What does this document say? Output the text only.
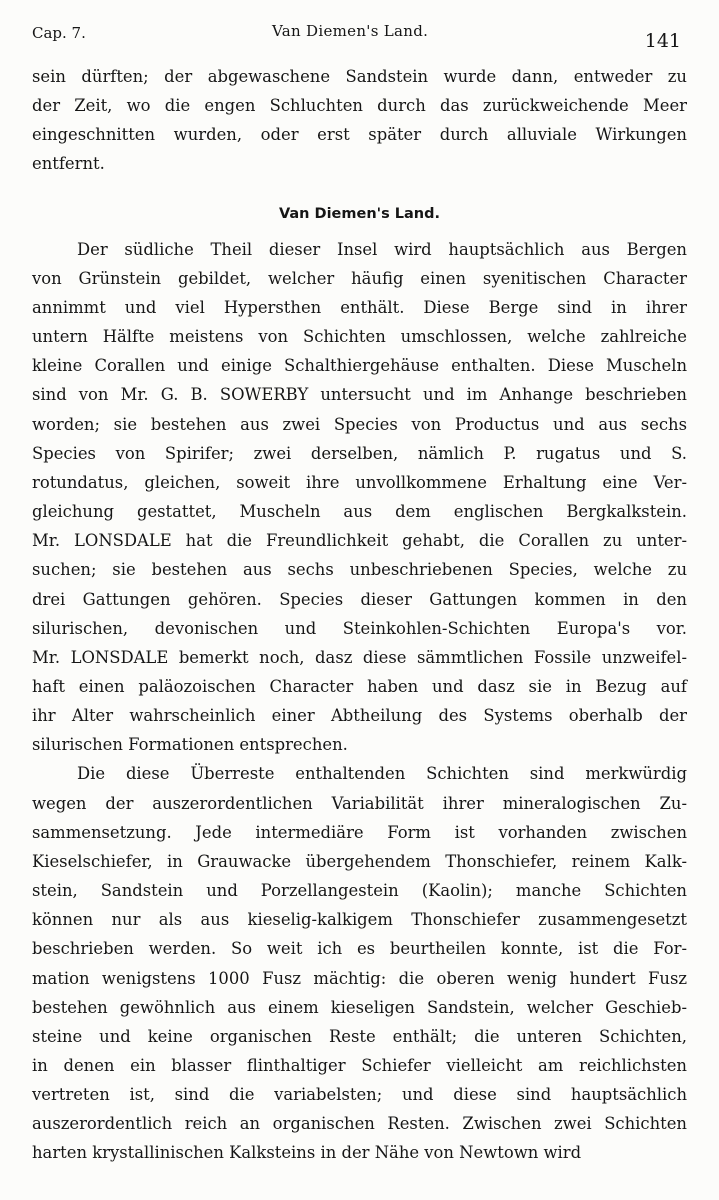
Cap. 7.	Van Diemen's Land.	141
sein dürften; der abgewaschene Sandstein wurde dann, entweder zu
der Zeit, wo die engen Schluchten durch das zurückweichende Meer
eingeschnitten wurden, oder erst später durch alluviale Wirkungen
entfernt.
Van Diemen's Land.
Der südliche Theil dieser Insel wird hauptsächlich aus Bergen
von Grünstein gebildet, welcher häufig einen syenitischen Character
annimmt und viel Hypersthen enthält. Diese Berge sind in ihrer
untern Hälfte meistens von Schichten umschlossen, welche zahlreiche
kleine Corallen und einige Schalthiergehäuse enthalten. Diese Muscheln
sind von Mr. G. B. SOWERBY untersucht und im Anhange beschrieben
worden; sie bestehen aus zwei Species von Productus und aus sechs
Species von Spirifer; zwei derselben, nämlich P. rugatus und S.
rotundatus, gleichen, soweit ihre unvollkommene Erhaltung eine Ver-
gleichung gestattet, Muscheln aus dem englischen Bergkalkstein.
Mr. LONSDALE hat die Freundlichkeit gehabt, die Corallen zu unter-
suchen; sie bestehen aus sechs unbeschriebenen Species, welche zu
drei Gattungen gehören. Species dieser Gattungen kommen in den
silurischen, devonischen und Steinkohlen-Schichten Europa's vor.
Mr. LONSDALE bemerkt noch, dasz diese sämmtlichen Fossile unzweifel-
haft einen paläozoischen Character haben und dasz sie in Bezug auf
ihr Alter wahrscheinlich einer Abtheilung des Systems oberhalb der
silurischen Formationen entsprechen.
Die diese Überreste enthaltenden Schichten sind merkwürdig
wegen der auszerordentlichen Variabilität ihrer mineralogischen Zu-
sammensetzung. Jede intermediäre Form ist vorhanden zwischen
Kieselschiefer, in Grauwacke übergehendem Thonschiefer, reinem Kalk-
stein, Sandstein und Porzellangestein (Kaolin); manche Schichten
können nur als aus kieselig-kalkigem Thonschiefer zusammengesetzt
beschrieben werden. So weit ich es beurtheilen konnte, ist die For-
mation wenigstens 1000 Fusz mächtig: die oberen wenig hundert Fusz
bestehen gewöhnlich aus einem kieseligen Sandstein, welcher Geschieb-
steine und keine organischen Reste enthält; die unteren Schichten,
in denen ein blasser flinthaltiger Schiefer vielleicht am reichlichsten
vertreten ist, sind die variabelsten; und diese sind hauptsächlich
auszerordentlich reich an organischen Resten. Zwischen zwei Schichten
harten krystallinischen Kalksteins in der Nähe von Newtown wird
